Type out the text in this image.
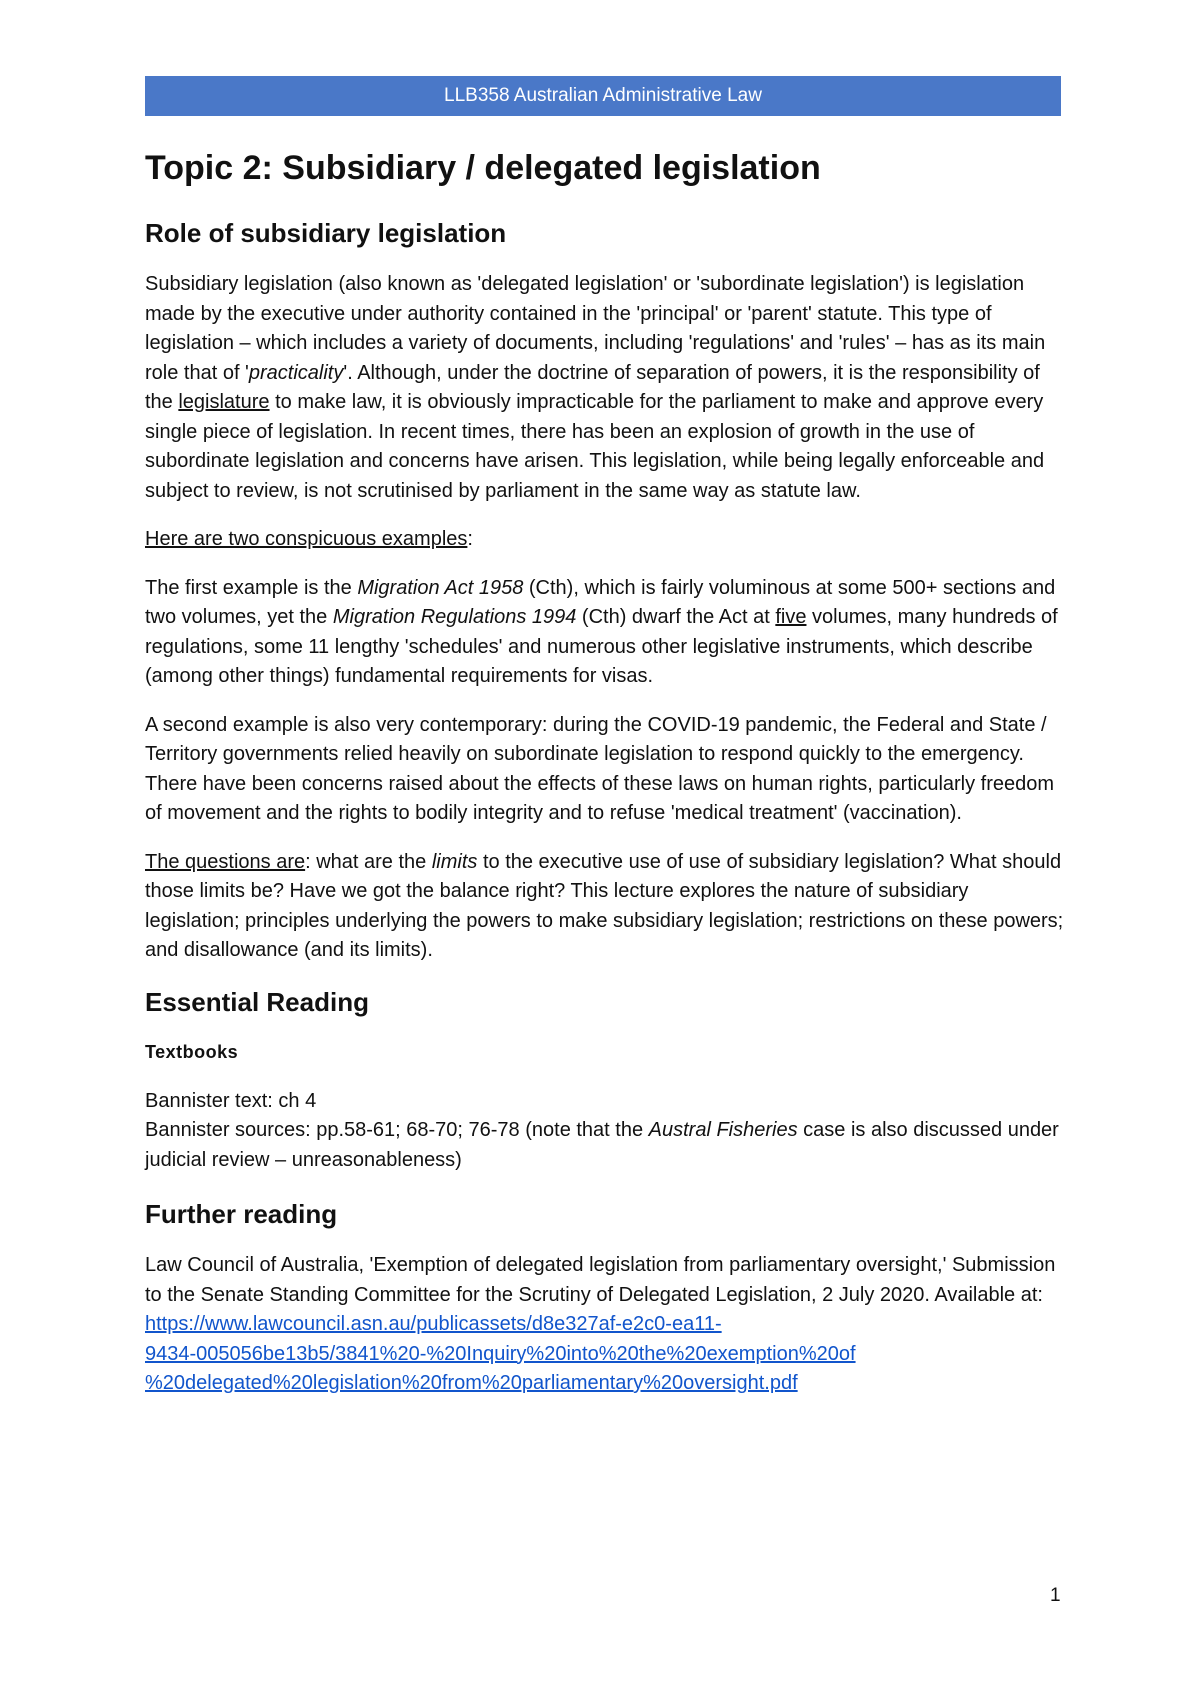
LLB358 Australian Administrative Law
Topic 2: Subsidiary / delegated legislation
Role of subsidiary legislation

Subsidiary legislation (also known as 'delegated legislation' or 'subordinate legislation') is legislation made by the executive under authority contained in the 'principal' or 'parent' statute. This type of legislation – which includes a variety of documents, including 'regulations' and 'rules' – has as its main role that of 'practicality'. Although, under the doctrine of separation of powers, it is the responsibility of the legislature to make law, it is obviously impracticable for the parliament to make and approve every single piece of legislation. In recent times, there has been an explosion of growth in the use of subordinate legislation and concerns have arisen. This legislation, while being legally enforceable and subject to review, is not scrutinised by parliament in the same way as statute law.

Here are two conspicuous examples:

The first example is the Migration Act 1958 (Cth), which is fairly voluminous at some 500+ sections and two volumes, yet the Migration Regulations 1994 (Cth) dwarf the Act at five volumes, many hundreds of regulations, some 11 lengthy 'schedules' and numerous other legislative instruments, which describe (among other things) fundamental requirements for visas.

A second example is also very contemporary: during the COVID-19 pandemic, the Federal and State / Territory governments relied heavily on subordinate legislation to respond quickly to the emergency. There have been concerns raised about the effects of these laws on human rights, particularly freedom of movement and the rights to bodily integrity and to refuse 'medical treatment' (vaccination).

The questions are: what are the limits to the executive use of use of subsidiary legislation? What should those limits be? Have we got the balance right? This lecture explores the nature of subsidiary legislation; principles underlying the powers to make subsidiary legislation; restrictions on these powers; and disallowance (and its limits).

Essential Reading
Textbooks

Bannister text: ch 4
Bannister sources: pp.58-61; 68-70; 76-78 (note that the Austral Fisheries case is also discussed under judicial review – unreasonableness)

Further reading

Law Council of Australia, 'Exemption of delegated legislation from parliamentary oversight,' Submission to the Senate Standing Committee for the Scrutiny of Delegated Legislation, 2 July 2020. Available at: https://www.lawcouncil.asn.au/publicassets/d8e327af-e2c0-ea11-
9434-005056be13b5/3841%20-%20Inquiry%20into%20the%20exemption%20of
%20delegated%20legislation%20from%20parliamentary%20oversight.pdf

1
